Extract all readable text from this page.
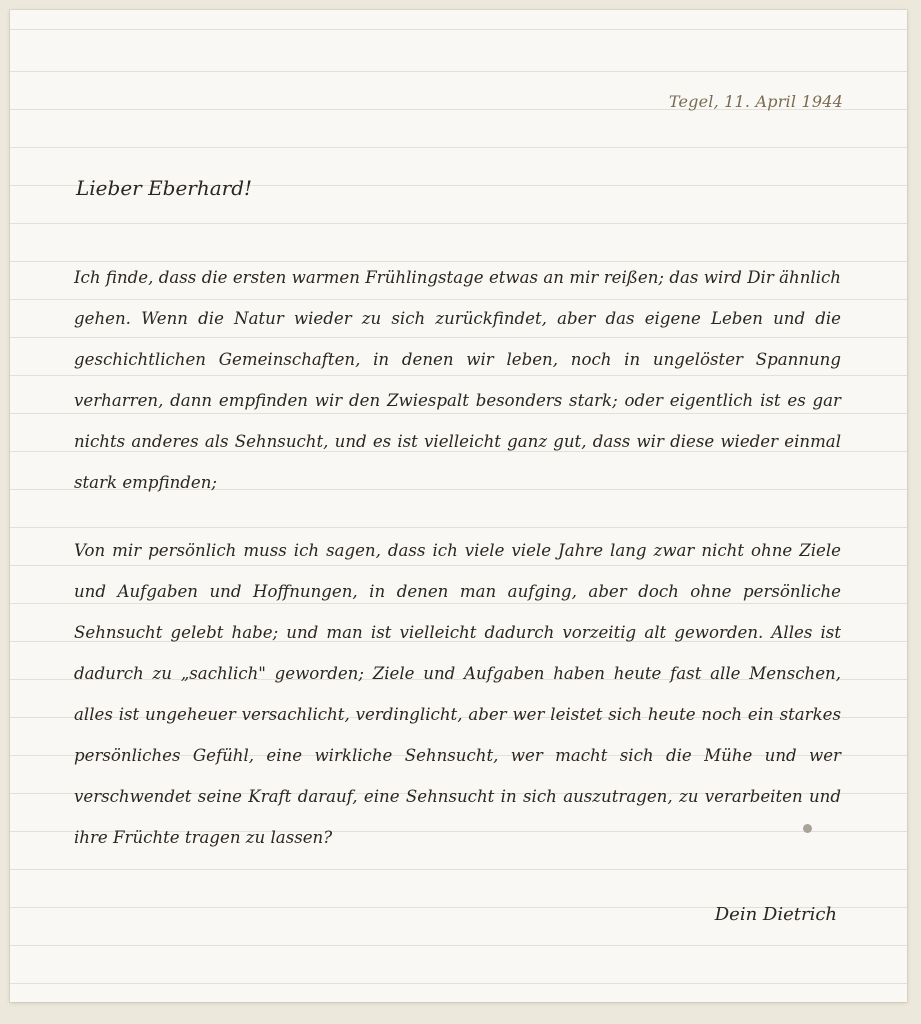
Tegel, 11. April 1944
Lieber Eberhard!

Ich finde, dass die ersten warmen Frühlingstage etwas an mir reißen; das wird Dir ähnlich gehen. Wenn die Natur wieder zu sich zurückfindet, aber das eigene Leben und die geschichtlichen Gemeinschaften, in denen wir leben, noch in ungelöster Spannung verharren, dann empfinden wir den Zwiespalt besonders stark; oder eigentlich ist es gar nichts anderes als Sehnsucht, und es ist vielleicht ganz gut, dass wir diese wieder einmal stark empfinden;

Von mir persönlich muss ich sagen, dass ich viele viele Jahre lang zwar nicht ohne Ziele und Aufgaben und Hoffnungen, in denen man aufging, aber doch ohne persönliche Sehnsucht gelebt habe; und man ist vielleicht dadurch vorzeitig alt geworden. Alles ist dadurch zu „sachlich" geworden; Ziele und Aufgaben haben heute fast alle Menschen, alles ist ungeheuer versachlicht, verdinglicht, aber wer leistet sich heute noch ein starkes persönliches Gefühl, eine wirkliche Sehnsucht, wer macht sich die Mühe und wer verschwendet seine Kraft darauf, eine Sehnsucht in sich auszutragen, zu verarbeiten und ihre Früchte tragen zu lassen?

Dein Dietrich
